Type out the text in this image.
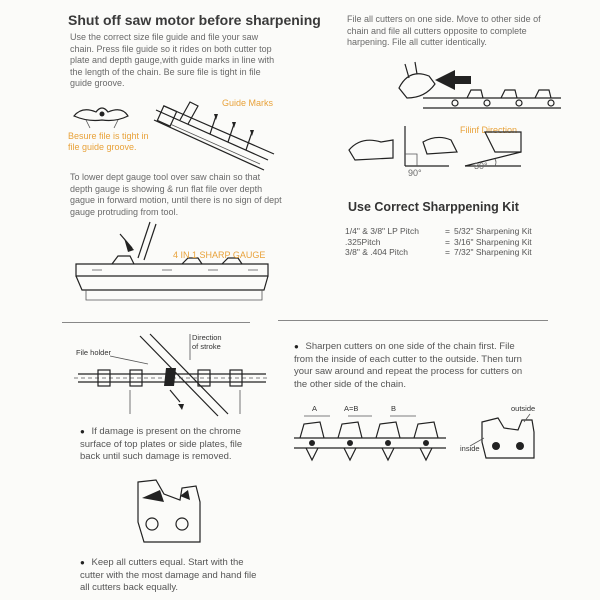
Shut off saw motor before sharpening
Use the correct size file guide and file your saw
chain. Press file guide so it rides on both cutter top
plate and depth gauge,with guide marks in line with
the length of the chain. Be sure file is tight in file
guide groove.
Guide Marks
Besure file is tight in
file guide groove.
To lower dept gauge tool over saw chain so that
depth gauge is showing & run flat file over depth
gague in forward motion, until there is no sign of dept
gauge protruding from tool.
4 IN 1 SHARP GAUGE
File all cutters on one side. Move to other side of
chain and file all cutters opposite to complete
harpening. File all cutter identically.
Filinf Direction
90°
30°
Use Correct Sharppening Kit
1/4" & 3/8" LP Pitch	=	5/32" Sharpening Kit
.325Pitch	=	3/16" Sharpening Kit
3/8" & .404 Pitch	=	7/32" Sharpening Kit
File holder
Direction
of stroke
● If damage is present on the chrome
surface of top plates or side plates, file
back until such damage is removed.
● Keep all cutters equal. Start with the
cutter with the most damage and hand file
all cutters back equally.
● Sharpen cutters on one side of the chain first. File
from the inside of each cutter to the outside. Then turn
your saw around and repeat the process for cutters on
the other side of the chain.
A	A=B	B	outside
inside
